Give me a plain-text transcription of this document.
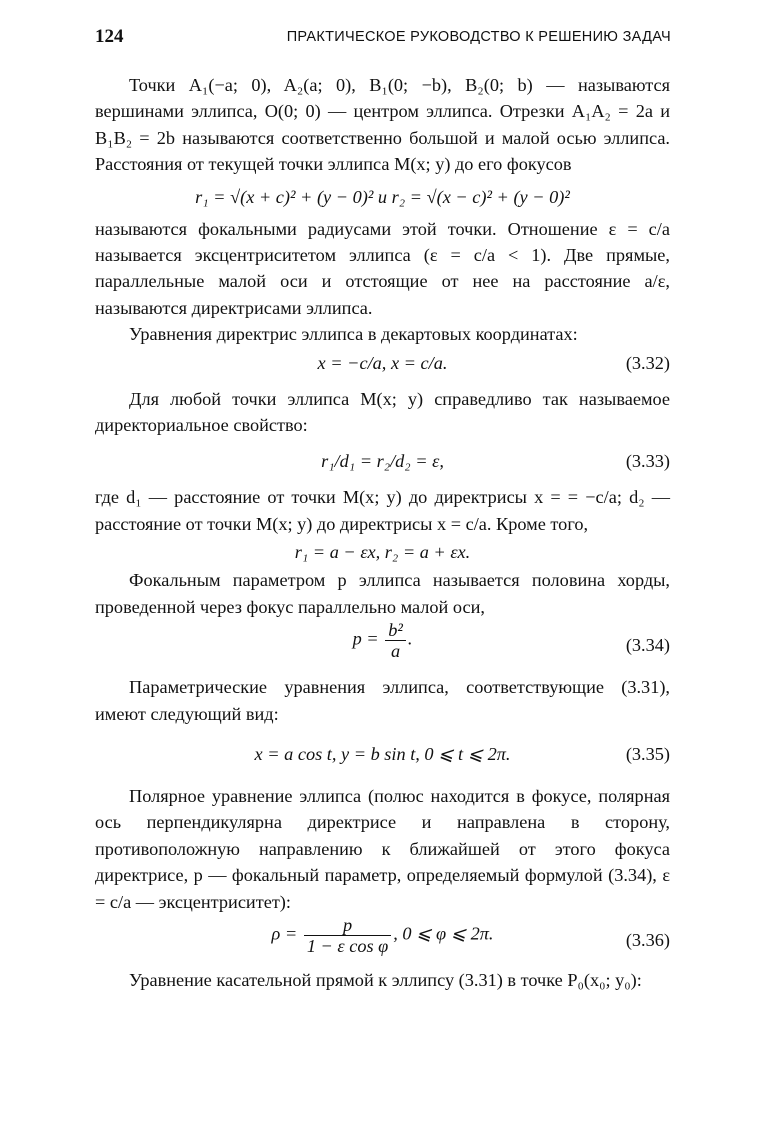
124	ПРАКТИЧЕСКОЕ РУКОВОДСТВО К РЕШЕНИЮ ЗАДАЧ

Точки A₁(−a; 0), A₂(a; 0), B₁(0; −b), B₂(0; b) — называются вершинами эллипса, O(0; 0) — центром эллипса. Отрезки A₁A₂ = 2a и B₁B₂ = 2b называются соответственно большой и малой осью эллипса. Расстояния от текущей точки эллипса M(x; y) до его фокусов

r₁ = √(x + c)² + (y − 0)² и r₂ = √(x − c)² + (y − 0)²

называются фокальными радиусами этой точки. Отношение ε = c/a называется эксцентриситетом эллипса (ε = c/a < 1). Две прямые, параллельные малой оси и отстоящие от нее на расстояние a/ε, называются директрисами эллипса.

Уравнения директрис эллипса в декартовых координатах:

x = −c/a, x = c/a.	(3.32)

Для любой точки эллипса M(x; y) справедливо так называемое директориальное свойство:

r₁/d₁ = r₂/d₂ = ε,	(3.33)

где d₁ — расстояние от точки M(x; y) до директрисы x = = −c/a; d₂ — расстояние от точки M(x; y) до директрисы x = c/a. Кроме того,

r₁ = a − εx, r₂ = a + εx.

Фокальным параметром p эллипса называется половина хорды, проведенной через фокус параллельно малой оси,

$p = \frac{\text{b²}}{a}$ .	(3.34)

Параметрические уравнения эллипса, соответствующие (3.31), имеют следующий вид:

x = a cos t, y = b sin t, 0 ⩽ t ⩽ 2π.	(3.35)

Полярное уравнение эллипса (полюс находится в фокусе, полярная ось перпендикулярна директрисе и направлена в сторону, противоположную направлению к ближайшей от этого фокуса директрисе, p — фокальный параметр, определяемый формулой (3.34), ε = c/a — эксцентриситет):

$\rho = \frac{p}{\text{1 − ε cos φ}}$ , 0 ⩽ φ ⩽ 2π.	(3.36)

Уравнение касательной прямой к эллипсу (3.31) в точке P₀(x₀; y₀):
